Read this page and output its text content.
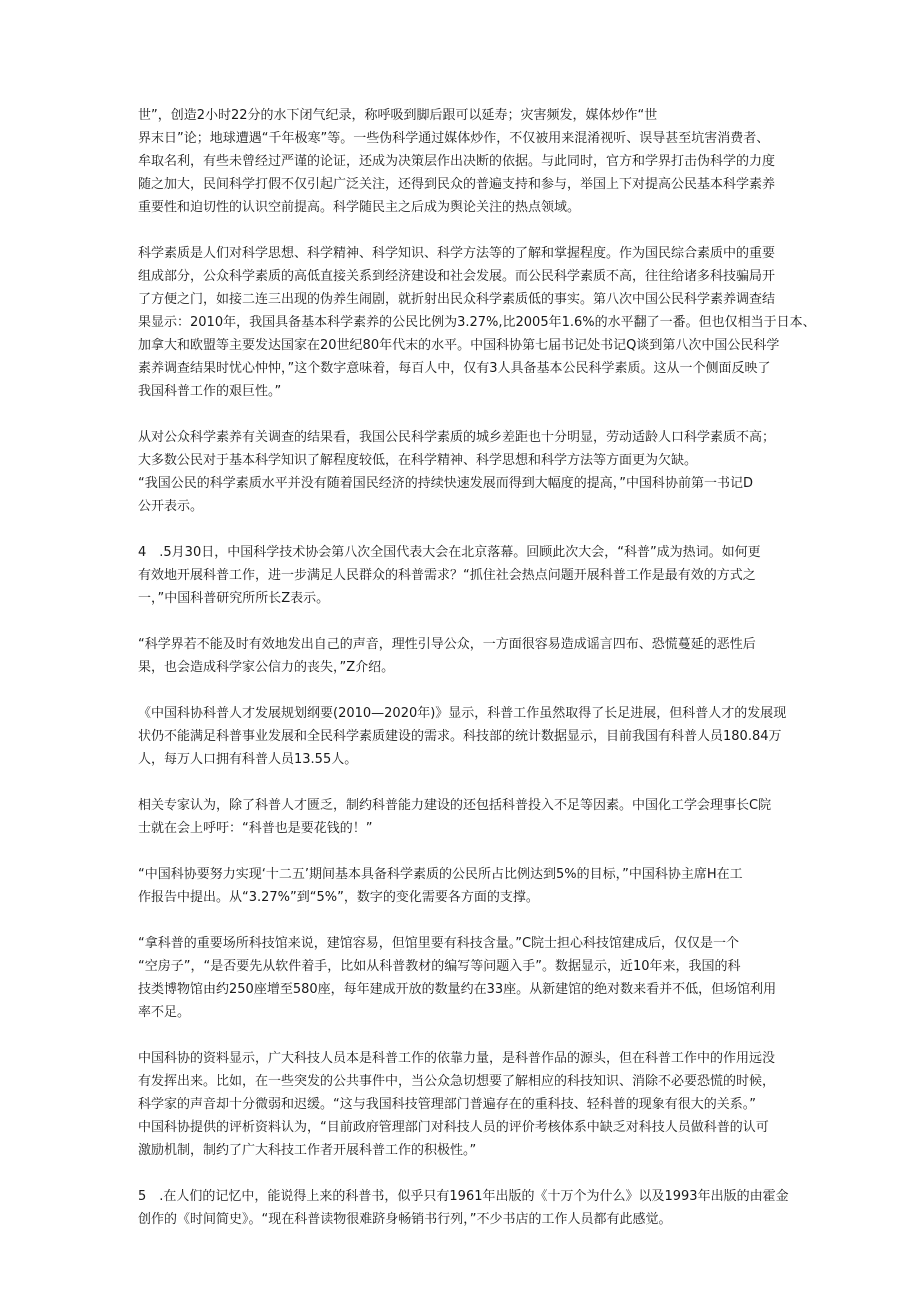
世”，创造2小时22分的水下闭气纪录，称呼吸到脚后跟可以延寿；灾害频发，媒体炒作“世
界末日”论；地球遭遇“千年极寒”等。一些伪科学通过媒体炒作，不仅被用来混淆视听、误导甚至坑害消费者、
牟取名利，有些未曾经过严谨的论证，还成为决策层作出决断的依据。与此同时，官方和学界打击伪科学的力度
随之加大，民间科学打假不仅引起广泛关注，还得到民众的普遍支持和参与，举国上下对提高公民基本科学素养
重要性和迫切性的认识空前提高。科学随民主之后成为舆论关注的热点领域。
科学素质是人们对科学思想、科学精神、科学知识、科学方法等的了解和掌握程度。作为国民综合素质中的重要
组成部分，公众科学素质的高低直接关系到经济建设和社会发展。而公民科学素质不高，往往给诸多科技骗局开
了方便之门，如接二连三出现的伪养生闹剧，就折射出民众科学素质低的事实。第八次中国公民科学素养调查结
果显示：2010年，我国具备基本科学素养的公民比例为3.27%,比2005年1.6%的水平翻了一番。但也仅相当于日本、
加拿大和欧盟等主要发达国家在20世纪80年代末的水平。中国科协第七届书记处书记Q谈到第八次中国公民科学
素养调查结果时忧心忡忡，”这个数字意味着，每百人中，仅有3人具备基本公民科学素质。这从一个侧面反映了
我国科普工作的艰巨性。”
从对公众科学素养有关调查的结果看，我国公民科学素质的城乡差距也十分明显，劳动适龄人口科学素质不高；
大多数公民对于基本科学知识了解程度较低，在科学精神、科学思想和科学方法等方面更为欠缺。
“我国公民的科学素质水平并没有随着国民经济的持续快速发展而得到大幅度的提高，”中国科协前第一书记D
公开表示。
4　.5月30日，中国科学技术协会第八次全国代表大会在北京落幕。回顾此次大会，“科普”成为热词。如何更
有效地开展科普工作，进一步满足人民群众的科普需求？“抓住社会热点问题开展科普工作是最有效的方式之
一，”中国科普研究所所长Z表示。
“科学界若不能及时有效地发出自己的声音，理性引导公众，一方面很容易造成谣言四布、恐慌蔓延的恶性后
果，也会造成科学家公信力的丧失，”Z介绍。
《中国科协科普人才发展规划纲要(2010—2020年)》显示，科普工作虽然取得了长足进展，但科普人才的发展现
状仍不能满足科普事业发展和全民科学素质建设的需求。科技部的统计数据显示，目前我国有科普人员180.84万
人，每万人口拥有科普人员13.55人。
相关专家认为，除了科普人才匮乏，制约科普能力建设的还包括科普投入不足等因素。中国化工学会理事长C院
士就在会上呼吁：“科普也是要花钱的！”
“中国科协要努力实现‘十二五’期间基本具备科学素质的公民所占比例达到5%的目标，”中国科协主席H在工
作报告中提出。从“3.27%”到“5%”，数字的变化需要各方面的支撑。
“拿科普的重要场所科技馆来说，建馆容易，但馆里要有科技含量。”C院士担心科技馆建成后，仅仅是一个
“空房子”，“是否要先从软件着手，比如从科普教材的编写等问题入手”。数据显示，近10年来，我国的科
技类博物馆由约250座增至580座，每年建成开放的数量约在33座。从新建馆的绝对数来看并不低，但场馆利用
率不足。
中国科协的资料显示，广大科技人员本是科普工作的依靠力量，是科普作品的源头，但在科普工作中的作用远没
有发挥出来。比如，在一些突发的公共事件中，当公众急切想要了解相应的科技知识、消除不必要恐慌的时候，
科学家的声音却十分微弱和迟缓。“这与我国科技管理部门普遍存在的重科技、轻科普的现象有很大的关系。”
中国科协提供的评析资料认为，“目前政府管理部门对科技人员的评价考核体系中缺乏对科技人员做科普的认可
激励机制，制约了广大科技工作者开展科普工作的积极性。”
5　.在人们的记忆中，能说得上来的科普书，似乎只有1961年出版的《十万个为什么》以及1993年出版的由霍金
创作的《时间简史》。“现在科普读物很难跻身畅销书行列，”不少书店的工作人员都有此感觉。
